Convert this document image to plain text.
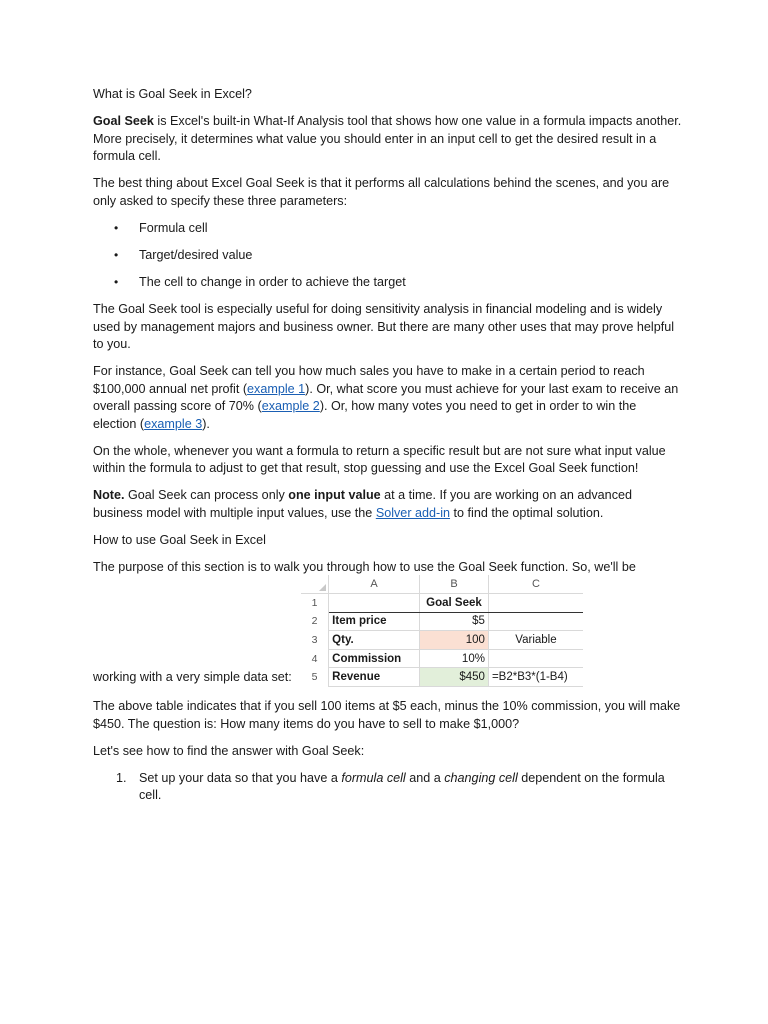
What is Goal Seek in Excel?

Goal Seek is Excel's built-in What-If Analysis tool that shows how one value in a formula impacts another. More precisely, it determines what value you should enter in an input cell to get the desired result in a formula cell.

The best thing about Excel Goal Seek is that it performs all calculations behind the scenes, and you are only asked to specify these three parameters:

• Formula cell
• Target/desired value
• The cell to change in order to achieve the target

The Goal Seek tool is especially useful for doing sensitivity analysis in financial modeling and is widely used by management majors and business owner. But there are many other uses that may prove helpful to you.

For instance, Goal Seek can tell you how much sales you have to make in a certain period to reach $100,000 annual net profit (example 1). Or, what score you must achieve for your last exam to receive an overall passing score of 70% (example 2). Or, how many votes you need to get in order to win the election (example 3).

On the whole, whenever you want a formula to return a specific result but are not sure what input value within the formula to adjust to get that result, stop guessing and use the Excel Goal Seek function!

Note. Goal Seek can process only one input value at a time. If you are working on an advanced business model with multiple input values, use the Solver add-in to find the optimal solution.

How to use Goal Seek in Excel

The purpose of this section is to walk you through how to use the Goal Seek function. So, we'll be

working with a very simple data set:
	A	B	C
1		Goal Seek	
2	Item price	$5	
3	Qty.	100	Variable
4	Commission	10%	
5	Revenue	$450	=B2*B3*(1-B4)

The above table indicates that if you sell 100 items at $5 each, minus the 10% commission, you will make $450. The question is: How many items do you have to sell to make $1,000?

Let's see how to find the answer with Goal Seek:

1. Set up your data so that you have a formula cell and a changing cell dependent on the formula cell.
